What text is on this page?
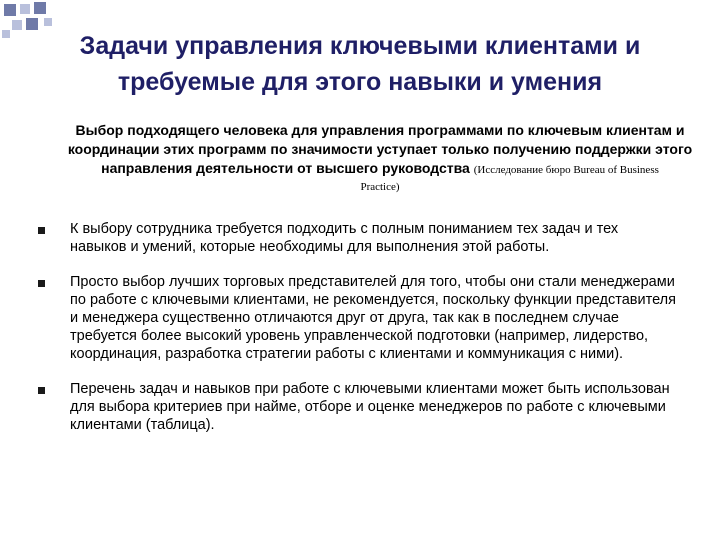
Задачи управления ключевыми клиентами и
требуемые для этого навыки и умения
Выбор подходящего человека для управления программами по ключевым клиентам и координации этих программ по значимости уступает только получению поддержки этого направления деятельности от высшего руководства (Исследование бюро Bureau of Business
Practice)
К выбору сотрудника требуется подходить с полным пониманием тех задач и тех навыков и умений, которые необходимы для выполнения этой работы.
Просто выбор лучших торговых представителей для того, чтобы они стали менеджерами по работе с ключевыми клиентами, не рекомендуется, поскольку функции представителя и менеджера существенно отличаются друг от друга, так как в последнем случае требуется более высокий уровень управленческой подготовки (например, лидерство, координация, разработка стратегии работы с клиентами и коммуникация с ними).
Перечень задач и навыков при работе с ключевыми клиентами может быть использован для выбора критериев при найме, отборе и оценке менеджеров по работе с ключевыми клиентами (таблица).
